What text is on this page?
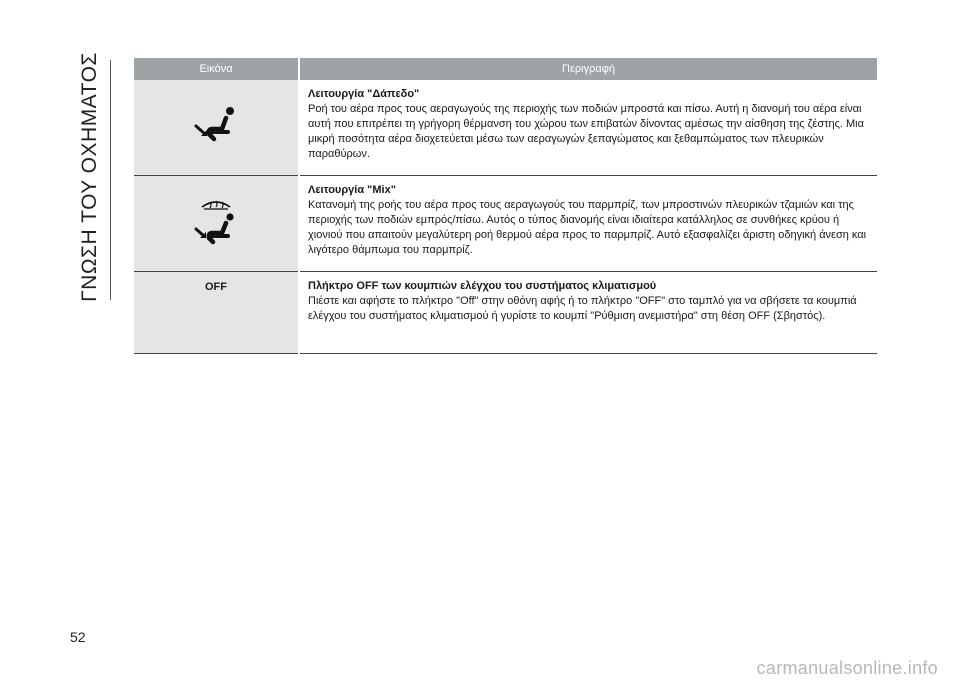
ΓΝΩΣΗ ΤΟΥ ΟΧΗΜΑΤΟΣ	Εικόνα	Περιγραφή

Λειτουργία "Δάπεδο"
Ροή του αέρα προς τους αεραγωγούς της περιοχής των ποδιών μπροστά και πίσω. Αυτή η διανομή του αέρα είναι αυτή που επιτρέπει τη γρήγορη θέρμανση του χώρου των επιβατών δίνοντας αμέσως την αίσθηση της ζέστης. Μια μικρή ποσότητα αέρα διοχετεύεται μέσω των αεραγωγών ξεπαγώματος και ξεθαμπώματος των πλευρικών παραθύρων.

Λειτουργία "Mix"
Κατανομή της ροής του αέρα προς τους αεραγωγούς του παρμπρίζ, των μπροστινών πλευρικών τζαμιών και της περιοχής των ποδιών εμπρός/πίσω. Αυτός ο τύπος διανομής είναι ιδιαίτερα κατάλληλος σε συνθήκες κρύου ή χιονιού που απαιτούν μεγαλύτερη ροή θερμού αέρα προς το παρμπρίζ. Αυτό εξασφαλίζει άριστη οδηγική άνεση και λιγότερο θάμπωμα του παρμπρίζ.

OFF	Πλήκτρο OFF των κουμπιών ελέγχου του συστήματος κλιματισμού
Πιέστε και αφήστε το πλήκτρο "Off" στην οθόνη αφής ή το πλήκτρο "OFF" στο ταμπλό για να σβήσετε τα κουμπιά ελέγχου του συστήματος κλιματισμού ή γυρίστε το κουμπί "Ρύθμιση ανεμιστήρα" στη θέση OFF (Σβηστός).
52
carmanualsonline.info
